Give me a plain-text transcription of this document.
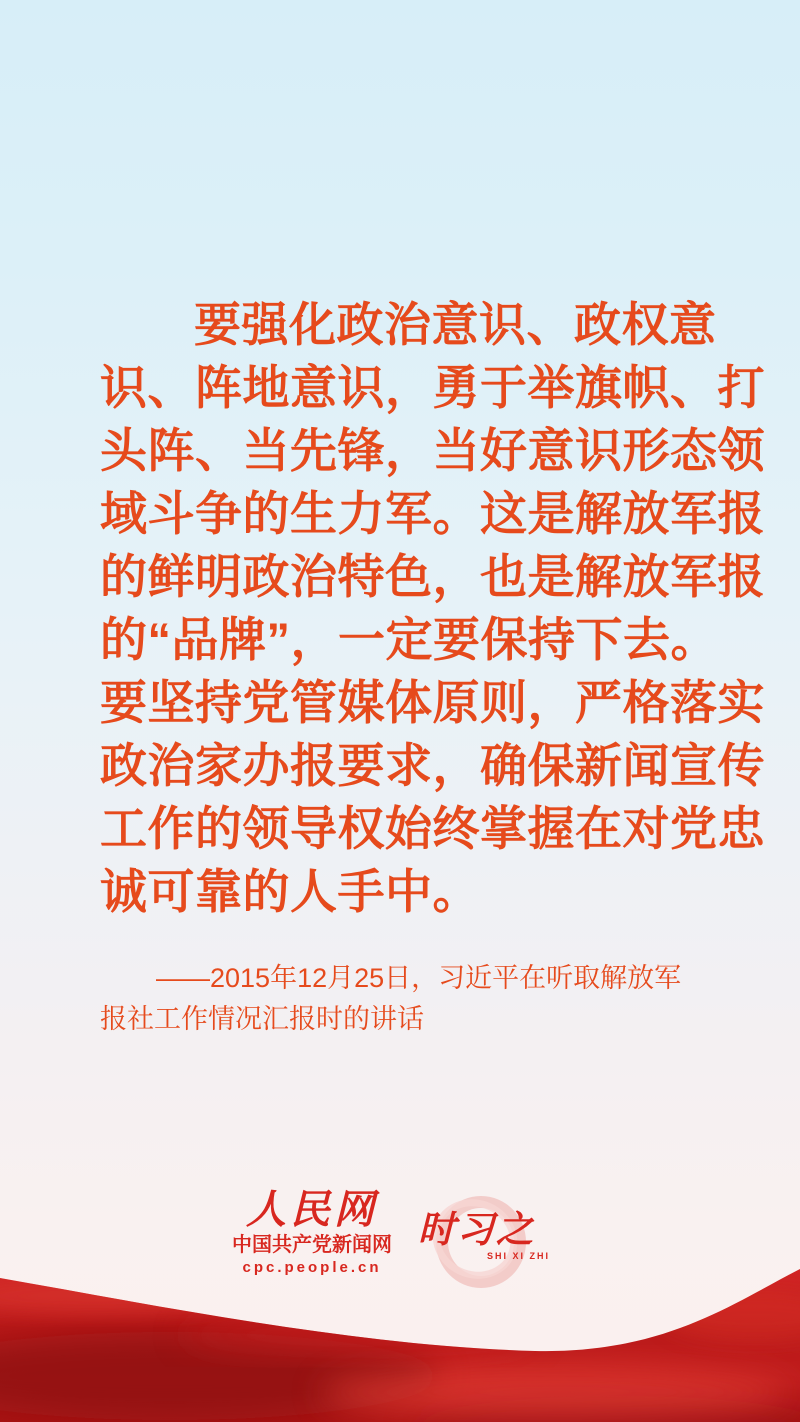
要强化政治意识、政权意
识、阵地意识，勇于举旗帜、打
头阵、当先锋，当好意识形态领
域斗争的生力军。这是解放军报
的鲜明政治特色，也是解放军报
的“品牌”，一定要保持下去。
要坚持党管媒体原则，严格落实
政治家办报要求，确保新闻宣传
工作的领导权始终掌握在对党忠
诚可靠的人手中。
——2015年12月25日，习近平在听取解放军
报社工作情况汇报时的讲话
人民网
中国共产党新闻网
cpc.people.cn
时习之
SHI XI ZHI
